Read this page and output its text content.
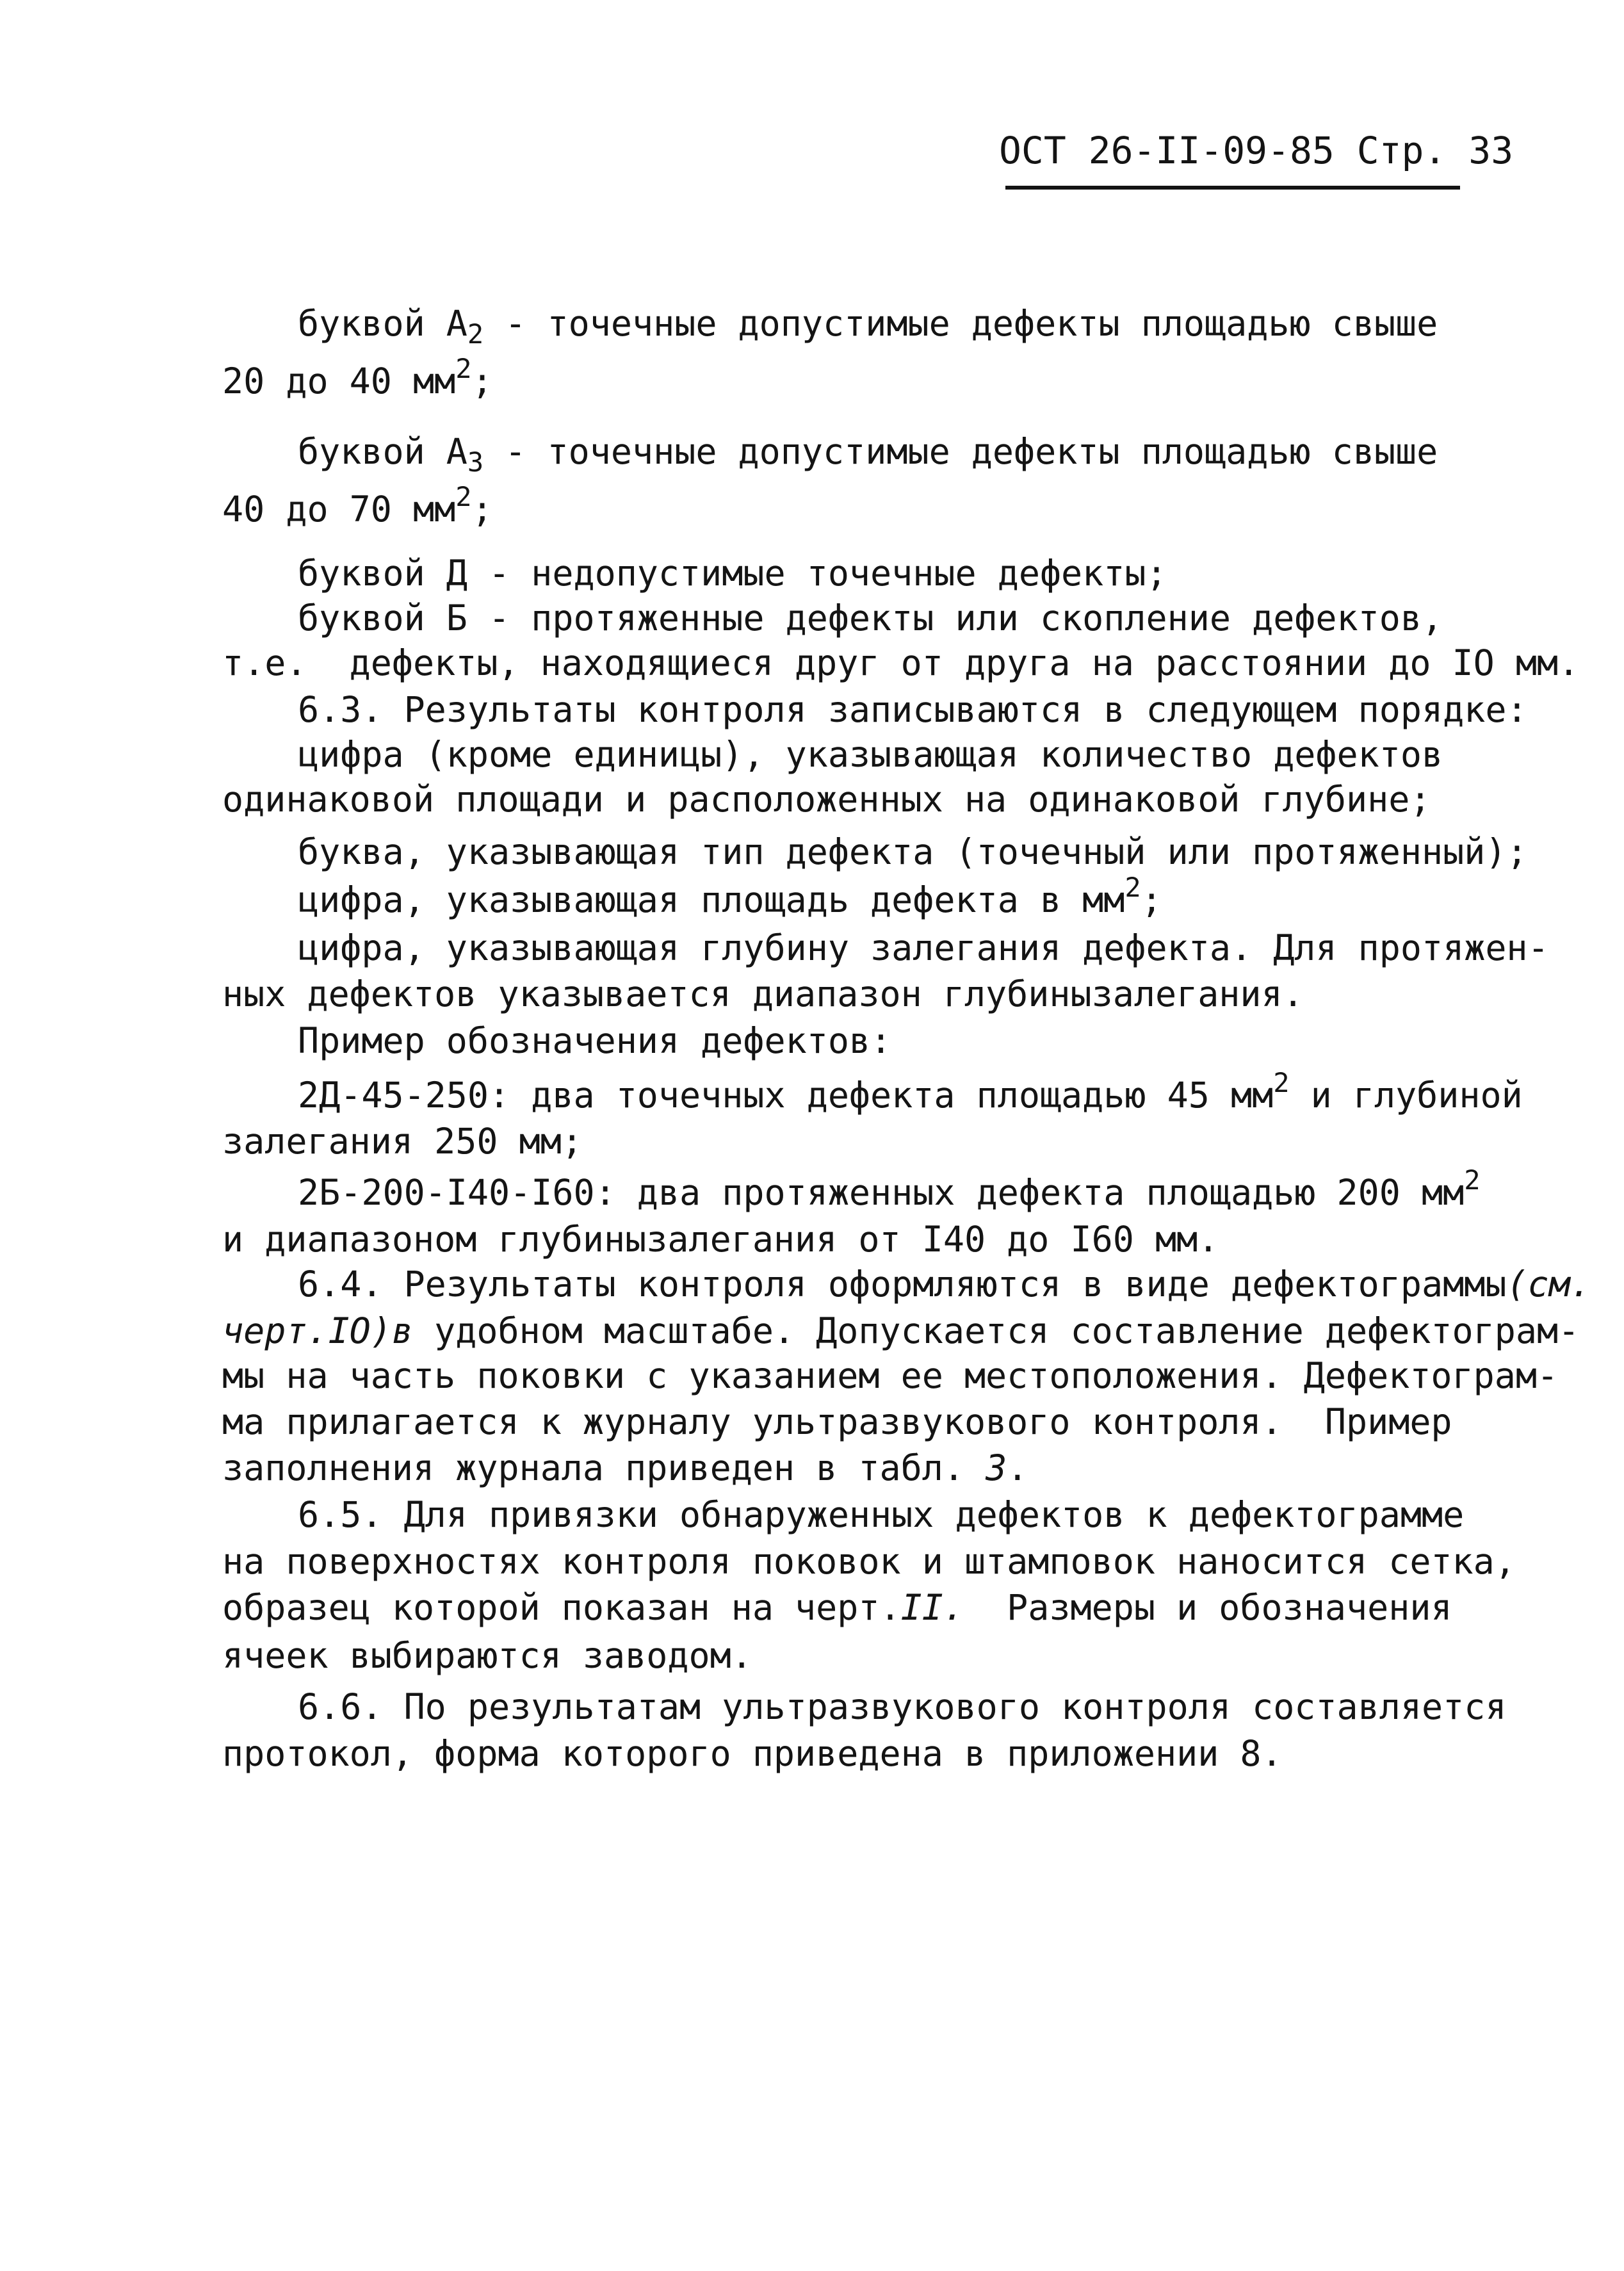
ОСТ 26-II-09-85 Стр. 33
буквой $А_2$ - точечные допустимые дефекты площадью свыше
20 до 40 $мм^2$;
буквой $А_3$ - точечные допустимые дефекты площадью свыше
40 до 70 $мм^2$;
буквой Д - недопустимые точечные дефекты;
буквой Б - протяженные дефекты или скопление дефектов,
т.е.  дефекты, находящиеся друг от друга на расстоянии до IO мм.
6.3. Результаты контроля записываются в следующем порядке:
цифра (кроме единицы), указывающая количество дефектов
одинаковой площади и расположенных на одинаковой глубине;
буква, указывающая тип дефекта (точечный или протяженный);
цифра, указывающая площадь дефекта в $мм^2$;
цифра, указывающая глубину залегания дефекта. Для протяжен-
ных дефектов указывается диапазон глубинызалегания.
Пример обозначения дефектов:
2Д-45-250: два точечных дефекта площадью 45 $мм^2$ и глубиной
залегания 250 мм;
2Б-200-I40-I60: два протяженных дефекта площадью 200 $мм^2$
и диапазоном глубинызалегания от I40 до I60 мм.
6.4. Результаты контроля оформляются в виде дефектограммы(см.
черт.IO)в удобном масштабе. Допускается составление дефектограм-
мы на часть поковки с указанием ее местоположения. Дефектограм-
ма прилагается к журналу ультразвукового контроля.  Пример
заполнения журнала приведен в табл. 3.
6.5. Для привязки обнаруженных дефектов к дефектограмме
на поверхностях контроля поковок и штамповок наносится сетка,
образец которой показан на черт.II.  Размеры и обозначения
ячеек выбираются заводом.
6.6. По результатам ультразвукового контроля составляется
протокол, форма которого приведена в приложении 8.
